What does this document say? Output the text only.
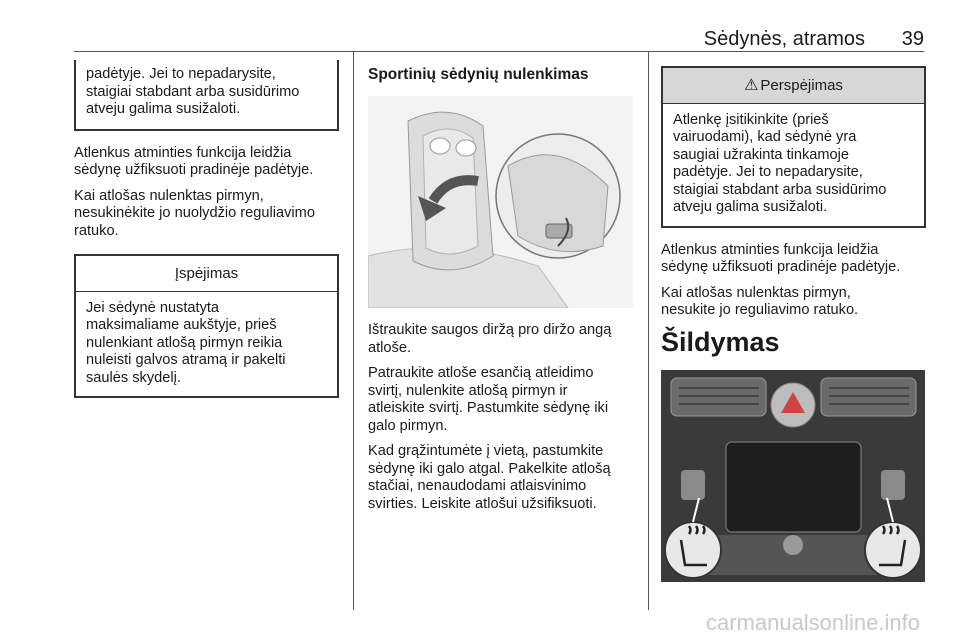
Sėdynės, atramos 39
padėtyje. Jei to nepadarysite,
staigiai stabdant arba susidūrimo
atveju galima susižaloti.

Atlenkus atminties funkcija leidžia
sėdynę užfiksuoti pradinėje padėtyje.

Kai atlošas nulenktas pirmyn,
nesukinėkite jo nuolydžio reguliavimo
ratuko.

Įspėjimas
Jei sėdynė nustatyta
maksimaliame aukštyje, prieš
nulenkiant atlošą pirmyn reikia
nuleisti galvos atramą ir pakelti
saulės skydelį.
Sportinių sėdynių nulenkimas

Ištraukite saugos diržą pro diržo angą
atloše.

Patraukite atloše esančią atleidimo
svirtį, nulenkite atlošą pirmyn ir
atleiskite svirtį. Pastumkite sėdynę iki
galo pirmyn.

Kad grąžintumėte į vietą, pastumkite
sėdynę iki galo atgal. Pakelkite atlošą
stačiai, nenaudodami atlaisvinimo
svirties. Leiskite atlošui užsifiksuoti.

⚠ Perspėjimas
Atlenkę įsitikinkite (prieš
vairuodami), kad sėdynė yra
saugiai užrakinta tinkamoje
padėtyje. Jei to nepadarysite,
staigiai stabdant arba susidūrimo
atveju galima susižaloti.

Atlenkus atminties funkcija leidžia
sėdynę užfiksuoti pradinėje padėtyje.

Kai atlošas nulenktas pirmyn,
nesukite jo reguliavimo ratuko.

Šildymas
carmanualsonline.info
